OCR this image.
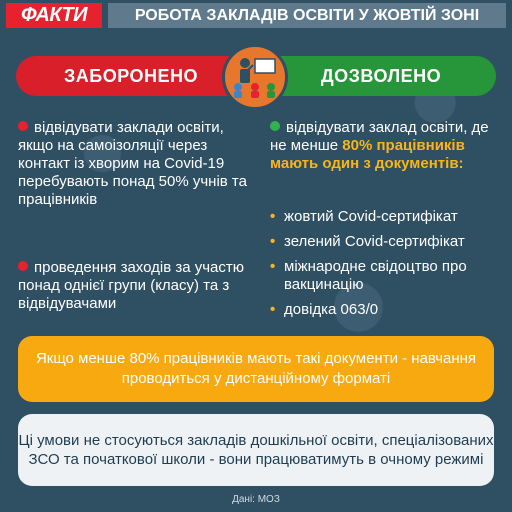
ФАКТИ	РОБОТА ЗАКЛАДІВ ОСВІТИ У ЖОВТІЙ ЗОНІ
ЗАБОРОНЕНО	ДОЗВОЛЕНО
відвідувати заклади освіти, якщо на самоізоляції через контакт із хворим на Covid-19 перебувають понад 50% учнів та працівників
проведення заходів за участю понад однієї групи (класу) та з відвідувачами
відвідувати заклад освіти, де не менше 80% працівників мають один з документів:
• жовтий Covid-сертифікат
• зелений Covid-сертифікат
• міжнародне свідоцтво про вакцинацію
• довідка 063/0
Якщо менше 80% працівників мають такі документи - навчання проводиться у дистанційному форматі
Ці умови не стосуються закладів дошкільної освіти, спеціалізованих ЗСО та початкової школи - вони працюватимуть в очному режимі
Дані: МОЗ
